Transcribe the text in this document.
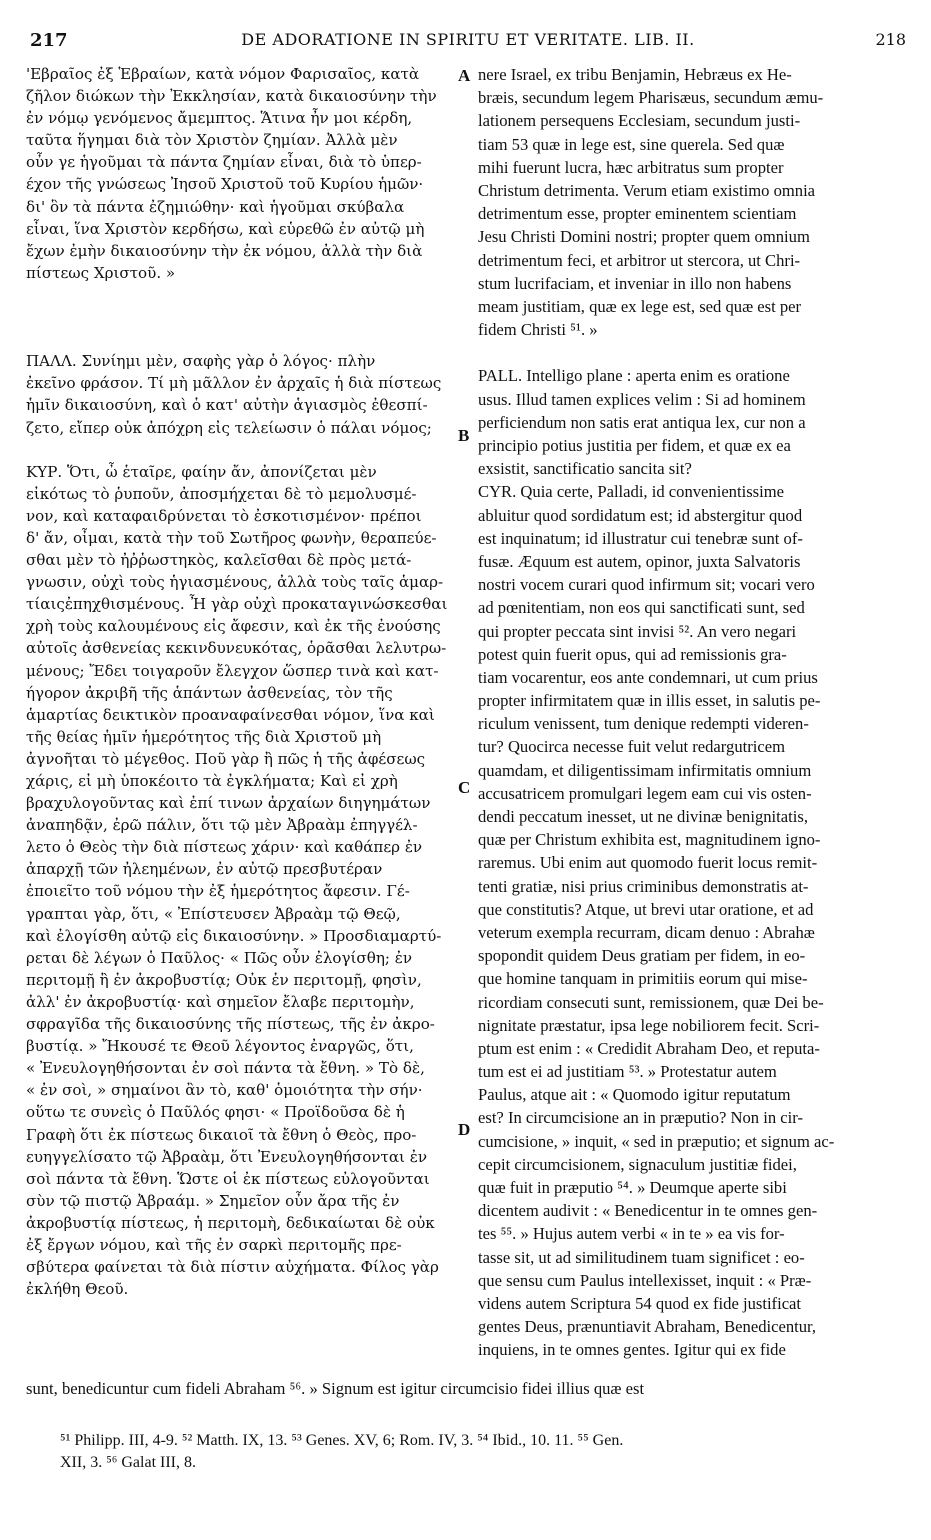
217	DE ADORATIONE IN SPIRITU ET VERITATE. LIB. II.	218
'Εβραῖος ἐξ Ἑβραίων, κατὰ νόμον Φαρισαῖος, κατὰ
ζῆλον διώκων τὴν Ἐκκλησίαν, κατὰ δικαιοσύνην τὴν
ἐν νόμῳ γενόμενος ἄμεμπτος. Ἅτινα ἦν μοι κέρδη,
ταῦτα ἥγημαι διὰ τὸν Χριστὸν ζημίαν. Ἀλλὰ μὲν
οὖν γε ἡγοῦμαι τὰ πάντα ζημίαν εἶναι, διὰ τὸ ὑπερ-
έχον τῆς γνώσεως Ἰησοῦ Χριστοῦ τοῦ Κυρίου ἡμῶν·
δι' ὃν τὰ πάντα ἐζημιώθην· καὶ ἡγοῦμαι σκύβαλα
εἶναι, ἵνα Χριστὸν κερδήσω, καὶ εὑρεθῶ ἐν αὐτῷ μὴ
ἔχων ἐμὴν δικαιοσύνην τὴν ἐκ νόμου, ἀλλὰ τὴν διὰ
πίστεως Χριστοῦ. »

ΠΑΛΛ. Συνίημι μὲν, σαφὴς γὰρ ὁ λόγος· πλὴν
ἐκεῖνο φράσον. Τί μὴ μᾶλλον ἐν ἀρχαῖς ἡ διὰ πίστεως
ἡμῖν δικαιοσύνη, καὶ ὁ κατ' αὐτὴν ἁγιασμὸς ἐθεσπί-
ζετο, εἴπερ οὐκ ἀπόχρη εἰς τελείωσιν ὁ πάλαι νόμος;

ΚΥΡ. Ὅτι, ὦ ἑταῖρε, φαίην ἄν, ἀπονίζεται μὲν
εἰκότως τὸ ῥυποῦν, ἀποσμήχεται δὲ τὸ μεμολυσμέ-
νον, καὶ καταφαιδρύνεται τὸ ἐσκοτισμένον· πρέποι
δ' ἄν, οἶμαι, κατὰ τὴν τοῦ Σωτῆρος φωνὴν, θεραπεύε-
σθαι μὲν τὸ ἠῤῥωστηκὸς, καλεῖσθαι δὲ πρὸς μετά-
γνωσιν, οὐχὶ τοὺς ἡγιασμένους, ἀλλὰ τοὺς ταῖς ἁμαρ-
τίαιςἐπηχθισμένους. Ἦ γὰρ οὐχὶ προκαταγινώσκεσθαι
χρὴ τοὺς καλουμένους εἰς ἄφεσιν, καὶ ἐκ τῆς ἐνούσης
αὐτοῖς ἀσθενείας κεκινδυνευκότας, ὁρᾶσθαι λελυτρω-
μένους; Ἔδει τοιγαροῦν ἔλεγχον ὥσπερ τινὰ καὶ κατ-
ήγορον ἀκριβῆ τῆς ἁπάντων ἀσθενείας, τὸν τῆς
ἁμαρτίας δεικτικὸν προαναφαίνεσθαι νόμον, ἵνα καὶ
τῆς θείας ἡμῖν ἡμερότητος τῆς διὰ Χριστοῦ μὴ
ἀγνοῆται τὸ μέγεθος. Ποῦ γὰρ ἢ πῶς ἡ τῆς ἀφέσεως
χάρις, εἰ μὴ ὑποκέοιτο τὰ ἐγκλήματα; Καὶ εἰ χρὴ
βραχυλογοῦντας καὶ ἐπί τινων ἀρχαίων διηγημάτων
ἀναπηδᾷν, ἐρῶ πάλιν, ὅτι τῷ μὲν Ἀβραὰμ ἐπηγγέλ-
λετο ὁ Θεὸς τὴν διὰ πίστεως χάριν· καὶ καθάπερ ἐν
ἀπαρχῇ τῶν ἠλεημένων, ἐν αὐτῷ πρεσβυτέραν
ἐποιεῖτο τοῦ νόμου τὴν ἐξ ἡμερότητος ἄφεσιν. Γέ-
γραπται γὰρ, ὅτι, « Ἐπίστευσεν Ἀβραὰμ τῷ Θεῷ,
καὶ ἐλογίσθη αὐτῷ εἰς δικαιοσύνην. » Προσδιαμαρτύ-
ρεται δὲ λέγων ὁ Παῦλος· « Πῶς οὖν ἐλογίσθη; ἐν
περιτομῇ ἢ ἐν ἀκροβυστίᾳ; Οὐκ ἐν περιτομῇ, φησὶν,
ἀλλ' ἐν ἀκροβυστίᾳ· καὶ σημεῖον ἔλαβε περιτομὴν,
σφραγῖδα τῆς δικαιοσύνης τῆς πίστεως, τῆς ἐν ἀκρο-
βυστίᾳ. » Ἤκουσέ τε Θεοῦ λέγοντος ἐναργῶς, ὅτι,
« Ἐνευλογηθήσονται ἐν σοὶ πάντα τὰ ἔθνη. » Τὸ δὲ,
« ἐν σοὶ, » σημαίνοι ἂν τὸ, καθ' ὁμοιότητα τὴν σήν·
οὕτω τε συνεὶς ὁ Παῦλός φησι· « Προϊδοῦσα δὲ ἡ
Γραφὴ ὅτι ἐκ πίστεως δικαιοῖ τὰ ἔθνη ὁ Θεὸς, προ-
ευηγγελίσατο τῷ Ἀβραὰμ, ὅτι Ἐνευλογηθήσονται ἐν
σοὶ πάντα τὰ ἔθνη. Ὥστε οἱ ἐκ πίστεως εὐλογοῦνται
σὺν τῷ πιστῷ Ἀβραάμ. » Σημεῖον οὖν ἄρα τῆς ἐν
ἀκροβυστίᾳ πίστεως, ἡ περιτομὴ, δεδικαίωται δὲ οὐκ
ἐξ ἔργων νόμου, καὶ τῆς ἐν σαρκὶ περιτομῆς πρε-
σβύτερα φαίνεται τὰ διὰ πίστιν αὐχήματα. Φίλος γὰρ
ἐκλήθη Θεοῦ.
nere Israel, ex tribu Benjamin, Hebræus ex He-
bræis, secundum legem Pharisæus, secundum æmu-
lationem persequens Ecclesiam, secundum justi-
tiam 53 quæ in lege est, sine querela. Sed quæ
mihi fuerunt lucra, hæc arbitratus sum propter
Christum detrimenta. Verum etiam existimo omnia
detrimentum esse, propter eminentem scientiam
Jesu Christi Domini nostri; propter quem omnium
detrimentum feci, et arbitror ut stercora, ut Chri-
stum lucrifaciam, et inveniar in illo non habens
meam justitiam, quæ ex lege est, sed quæ est per
fidem Christi ⁵¹. »

PALL. Intelligo plane : aperta enim es oratione
usus. Illud tamen explices velim : Si ad hominem
perficiendum non satis erat antiqua lex, cur non a
principio potius justitia per fidem, et quæ ex ea
exsistit, sanctificatio sancita sit?
CYR. Quia certe, Palladi, id convenientissime
abluitur quod sordidatum est; id abstergitur quod
est inquinatum; id illustratur cui tenebræ sunt of-
fusæ. Æquum est autem, opinor, juxta Salvatoris
nostri vocem curari quod infirmum sit; vocari vero
ad pœnitentiam, non eos qui sanctificati sunt, sed
qui propter peccata sint invisi ⁵². An vero negari
potest quin fuerit opus, qui ad remissionis gra-
tiam vocarentur, eos ante condemnari, ut cum prius
propter infirmitatem quæ in illis esset, in salutis pe-
riculum venissent, tum denique redempti videren-
tur? Quocirca necesse fuit velut redargutricem
quamdam, et diligentissimam infirmitatis omnium
accusatricem promulgari legem eam cui vis osten-
dendi peccatum inesset, ut ne divinæ benignitatis,
quæ per Christum exhibita est, magnitudinem igno-
raremus. Ubi enim aut quomodo fuerit locus remit-
tenti gratiæ, nisi prius criminibus demonstratis at-
que constitutis? Atque, ut brevi utar oratione, et ad
veterum exempla recurram, dicam denuo : Abrahæ
spopondit quidem Deus gratiam per fidem, in eo-
que homine tanquam in primitiis eorum qui mise-
ricordiam consecuti sunt, remissionem, quæ Dei be-
nignitate præstatur, ipsa lege nobiliorem fecit. Scri-
ptum est enim : « Credidit Abraham Deo, et reputa-
tum est ei ad justitiam ⁵³. » Protestatur autem
Paulus, atque ait : « Quomodo igitur reputatum
est? In circumcisione an in præputio? Non in cir-
cumcisione, » inquit, « sed in præputio; et signum ac-
cepit circumcisionem, signaculum justitiæ fidei,
quæ fuit in præputio ⁵⁴. » Deumque aperte sibi
dicentem audivit : « Benedicentur in te omnes gen-
tes ⁵⁵. » Hujus autem verbi « in te » ea vis for-
tasse sit, ut ad similitudinem tuam significet : eo-
que sensu cum Paulus intellexisset, inquit : « Præ-
videns autem Scriptura 54 quod ex fide justificat
gentes Deus, prænuntiavit Abraham, Benedicentur,
inquiens, in te omnes gentes. Igitur qui ex fide
A
B
C
D
sunt, benedicuntur cum fideli Abraham ⁵⁶. » Signum est igitur circumcisio fidei illius quæ est
⁵¹ Philipp. III, 4-9. ⁵² Matth. IX, 13. ⁵³ Genes. XV, 6; Rom. IV, 3. ⁵⁴ Ibid., 10. 11. ⁵⁵ Gen.
XII, 3. ⁵⁶ Galat III, 8.
